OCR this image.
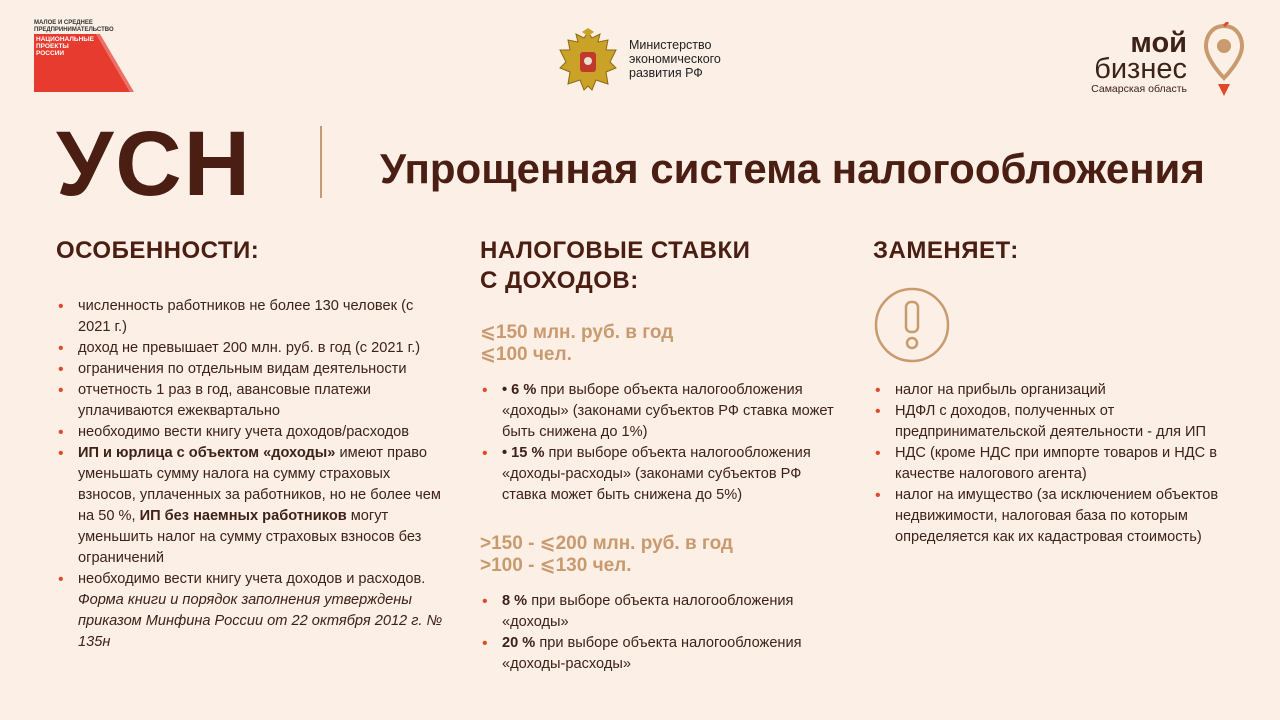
МАЛОЕ И СРЕДНЕЕ ПРЕДПРИНИМАТЕЛЬСТВО
НАЦИОНАЛЬНЫЕ ПРОЕКТЫ РОССИИ
Министерство
экономического
развития РФ
мой
бизнес
Самарская область
УСН	Упрощенная система налогообложения
ОСОБЕННОСТИ:
• численность работников не более 130 человек (с 2021 г.)
• доход не превышает 200 млн. руб. в год (с 2021 г.)
• ограничения по отдельным видам деятельности
• отчетность 1 раз в год, авансовые платежи уплачиваются ежеквартально
• необходимо вести книгу учета доходов/расходов
• ИП и юрлица с объектом «доходы» имеют право уменьшать сумму налога на сумму страховых взносов, уплаченных за работников, но не более чем на 50 %, ИП без наемных работников могут уменьшить налог на сумму страховых взносов без ограничений
• необходимо вести книгу учета доходов и расходов. Форма книги и порядок заполнения утверждены приказом Минфина России от 22 октября 2012 г. № 135н
НАЛОГОВЫЕ СТАВКИ
С ДОХОДОВ:
⩽150 млн. руб. в год
⩽100 чел.
• • 6 % при выборе объекта налогообложения «доходы» (законами субъектов РФ ставка может быть снижена до 1%)
• • 15 % при выборе объекта налогообложения «доходы-расходы» (законами субъектов РФ ставка может быть снижена до 5%)
>150 - ⩽200 млн. руб. в год
>100 - ⩽130 чел.
• 8 % при выборе объекта налогообложения «доходы»
• 20 % при выборе объекта налогообложения «доходы-расходы»
ЗАМЕНЯЕТ:
• налог на прибыль организаций
• НДФЛ с доходов, полученных от предпринимательской деятельности - для ИП
• НДС (кроме НДС при импорте товаров и НДС в качестве налогового агента)
• налог на имущество (за исключением объектов недвижимости, налоговая база по которым определяется как их кадастровая стоимость)
